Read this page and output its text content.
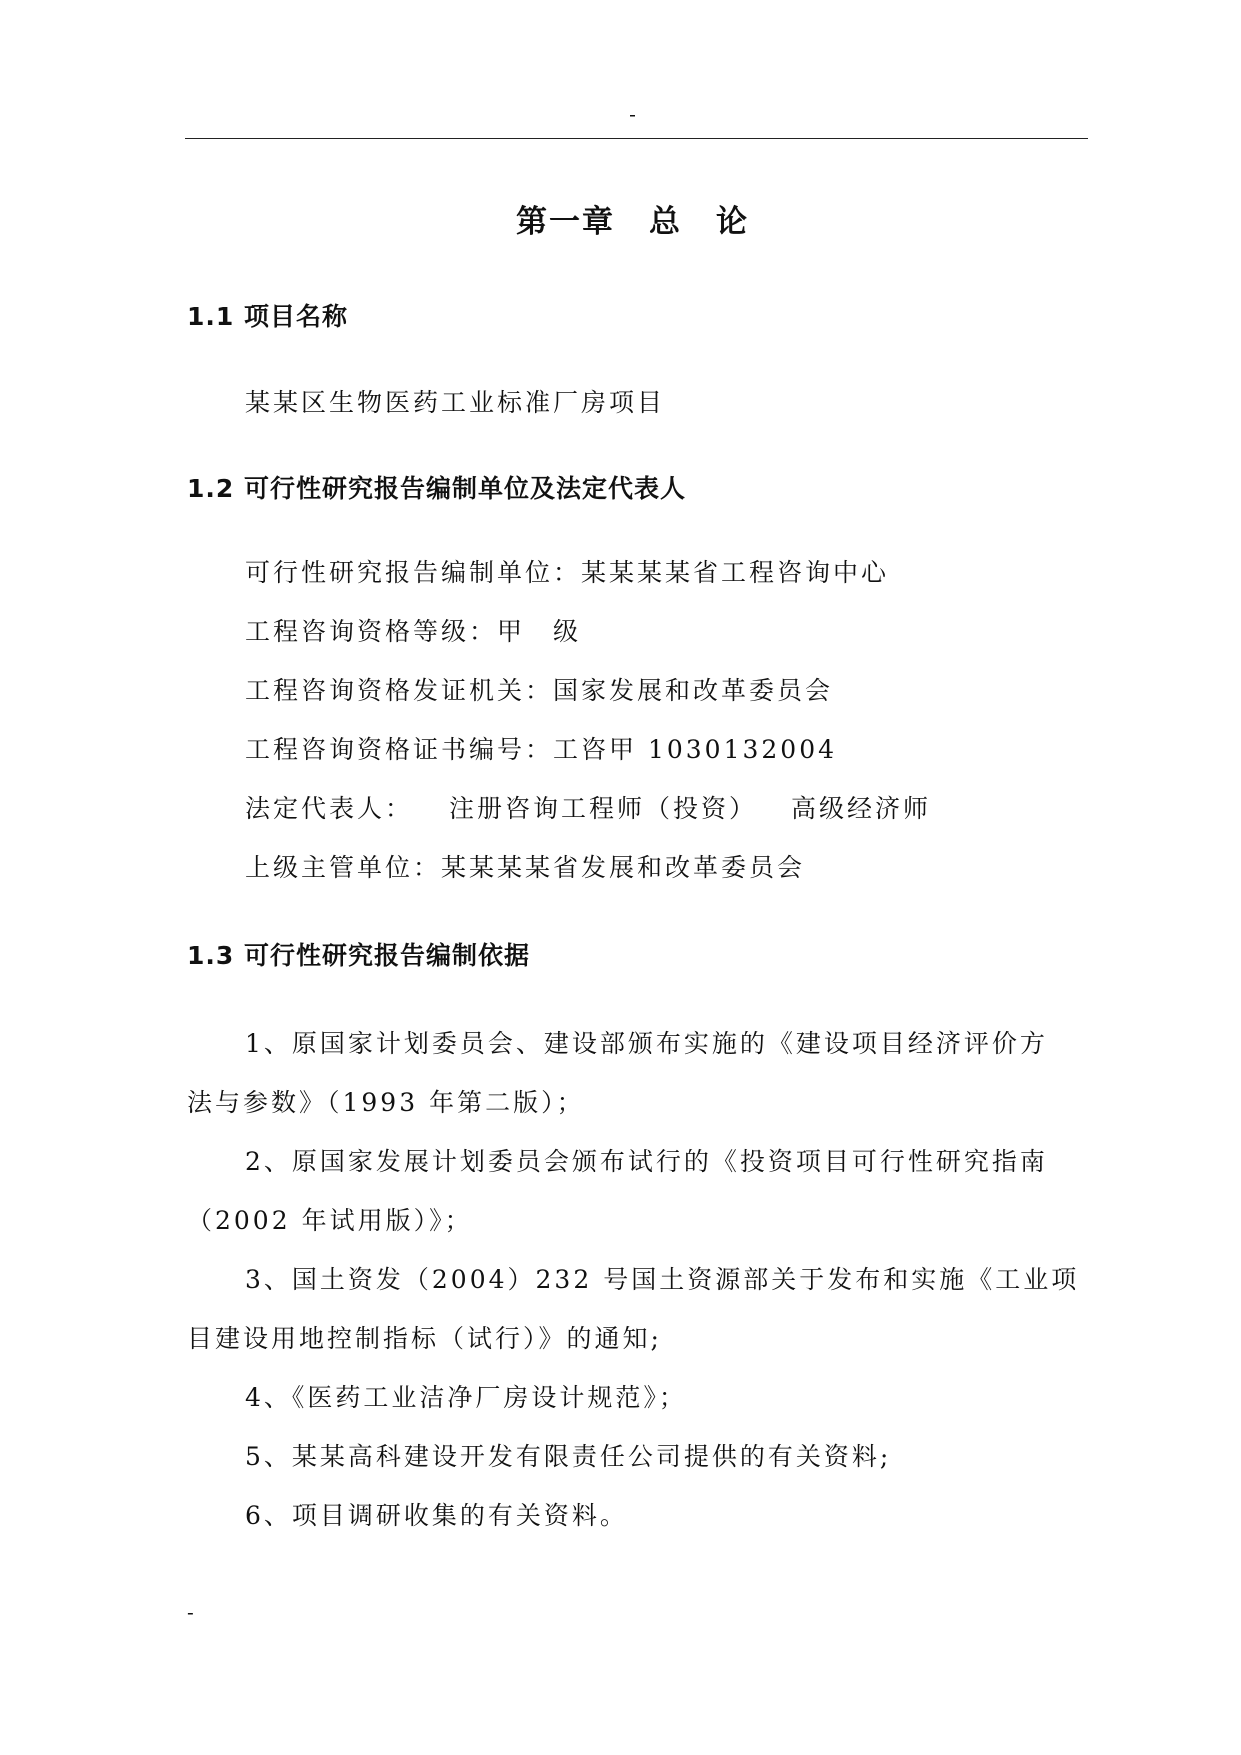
-
第一章 总 论
1.1 项目名称
某某区生物医药工业标准厂房项目
1.2 可行性研究报告编制单位及法定代表人
可行性研究报告编制单位：某某某某省工程咨询中心
工程咨询资格等级：甲　级
工程咨询资格发证机关：国家发展和改革委员会
工程咨询资格证书编号：工咨甲 1030132004
法定代表人： 注册咨询工程师（投资） 高级经济师
上级主管单位：某某某某省发展和改革委员会
1.3 可行性研究报告编制依据
1、原国家计划委员会、建设部颁布实施的《建设项目经济评价方
法与参数》（1993 年第二版）；
2、原国家发展计划委员会颁布试行的《投资项目可行性研究指南
（2002 年试用版）》；
3、国土资发（2004）232 号国土资源部关于发布和实施《工业项
目建设用地控制指标（试行）》的通知;
4、《医药工业洁净厂房设计规范》；
5、某某高科建设开发有限责任公司提供的有关资料;
6、项目调研收集的有关资料。
-
